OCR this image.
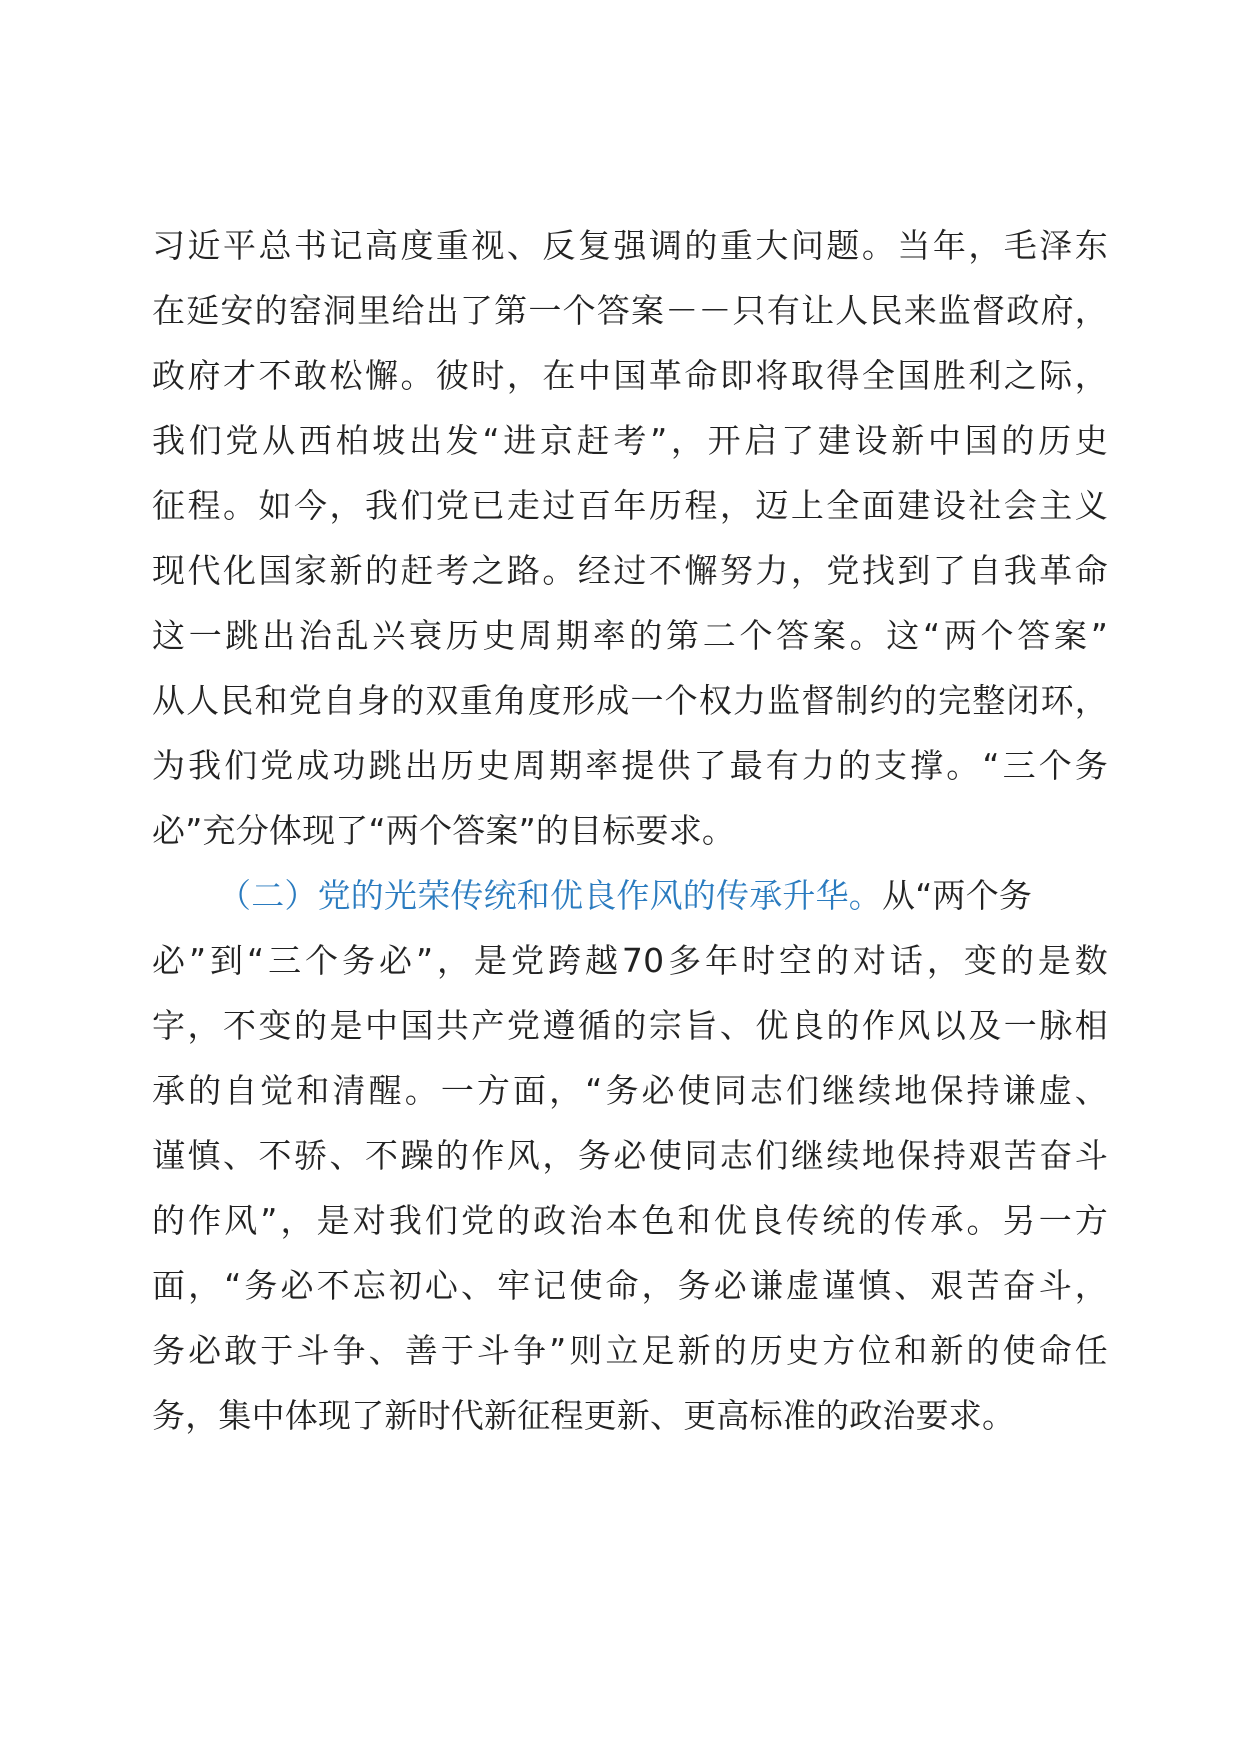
习近平总书记高度重视、反复强调的重大问题。当年，毛泽东
在延安的窑洞里给出了第一个答案－－只有让人民来监督政府，
政府才不敢松懈。彼时，在中国革命即将取得全国胜利之际，
我们党从西柏坡出发“进京赶考”，开启了建设新中国的历史
征程。如今，我们党已走过百年历程，迈上全面建设社会主义
现代化国家新的赶考之路。经过不懈努力，党找到了自我革命
这一跳出治乱兴衰历史周期率的第二个答案。这“两个答案”
从人民和党自身的双重角度形成一个权力监督制约的完整闭环，
为我们党成功跳出历史周期率提供了最有力的支撑。“三个务
必”充分体现了“两个答案”的目标要求。
（二）党的光荣传统和优良作风的传承升华。从“两个务
必”到“三个务必”，是党跨越70多年时空的对话，变的是数
字，不变的是中国共产党遵循的宗旨、优良的作风以及一脉相
承的自觉和清醒。一方面，“务必使同志们继续地保持谦虚、
谨慎、不骄、不躁的作风，务必使同志们继续地保持艰苦奋斗
的作风”，是对我们党的政治本色和优良传统的传承。另一方
面，“务必不忘初心、牢记使命，务必谦虚谨慎、艰苦奋斗，
务必敢于斗争、善于斗争”则立足新的历史方位和新的使命任
务，集中体现了新时代新征程更新、更高标准的政治要求。
